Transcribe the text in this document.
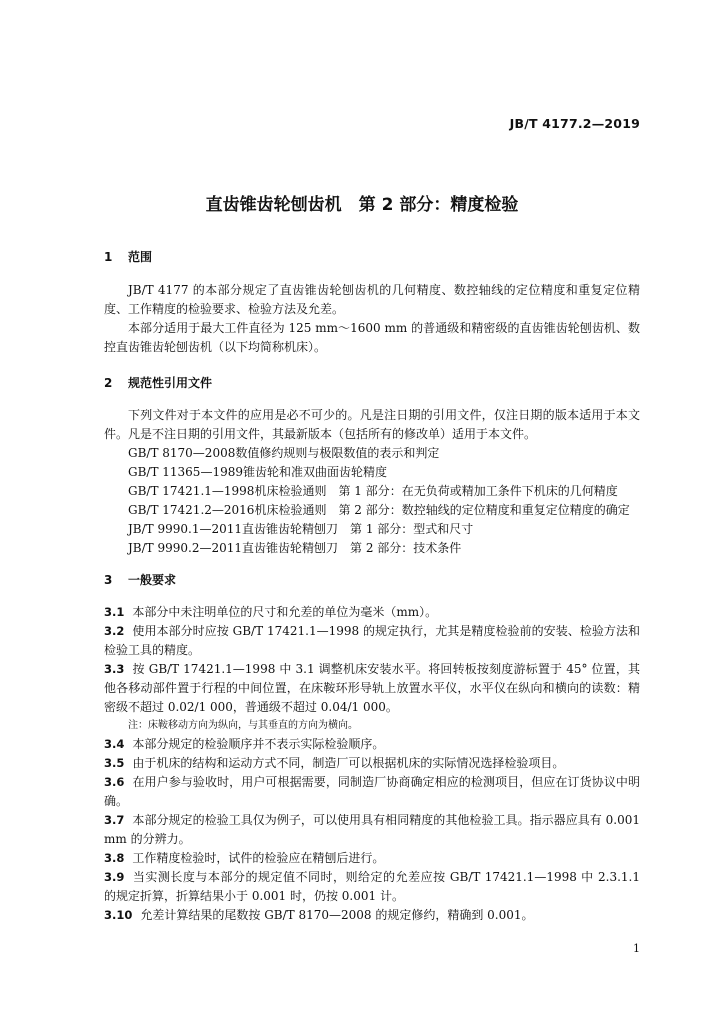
JB/T 4177.2—2019
直齿锥齿轮刨齿机　第 2 部分：精度检验
1 范围

JB/T 4177 的本部分规定了直齿锥齿轮刨齿机的几何精度、数控轴线的定位精度和重复定位精度、工作精度的检验要求、检验方法及允差。

本部分适用于最大工件直径为 125 mm～1600 mm 的普通级和精密级的直齿锥齿轮刨齿机、数控直齿锥齿轮刨齿机（以下均简称机床）。

2 规范性引用文件

下列文件对于本文件的应用是必不可少的。凡是注日期的引用文件，仅注日期的版本适用于本文件。凡是不注日期的引用文件，其最新版本（包括所有的修改单）适用于本文件。

GB/T 8170—2008数值修约规则与极限数值的表示和判定

GB/T 11365—1989锥齿轮和准双曲面齿轮精度

GB/T 17421.1—1998机床检验通则　第 1 部分：在无负荷或精加工条件下机床的几何精度

GB/T 17421.2—2016机床检验通则　第 2 部分：数控轴线的定位精度和重复定位精度的确定

JB/T 9990.1—2011直齿锥齿轮精刨刀　第 1 部分：型式和尺寸

JB/T 9990.2—2011直齿锥齿轮精刨刀　第 2 部分：技术条件

3 一般要求

3.1 本部分中未注明单位的尺寸和允差的单位为毫米（mm）。

3.2 使用本部分时应按 GB/T 17421.1—1998 的规定执行，尤其是精度检验前的安装、检验方法和检验工具的精度。

3.3 按 GB/T 17421.1—1998 中 3.1 调整机床安装水平。将回转板按刻度游标置于 45° 位置，其他各移动部件置于行程的中间位置，在床鞍环形导轨上放置水平仪，水平仪在纵向和横向的读数：精密级不超过 0.02/1 000，普通级不超过 0.04/1 000。

注：床鞍移动方向为纵向，与其垂直的方向为横向。

3.4 本部分规定的检验顺序并不表示实际检验顺序。

3.5 由于机床的结构和运动方式不同，制造厂可以根据机床的实际情况选择检验项目。

3.6 在用户参与验收时，用户可根据需要，同制造厂协商确定相应的检测项目，但应在订货协议中明确。

3.7 本部分规定的检验工具仅为例子，可以使用具有相同精度的其他检验工具。指示器应具有 0.001 mm 的分辨力。

3.8 工作精度检验时，试件的检验应在精刨后进行。

3.9 当实测长度与本部分的规定值不同时，则给定的允差应按 GB/T 17421.1—1998 中 2.3.1.1 的规定折算，折算结果小于 0.001 时，仍按 0.001 计。

3.10 允差计算结果的尾数按 GB/T 8170—2008 的规定修约，精确到 0.001。

1
